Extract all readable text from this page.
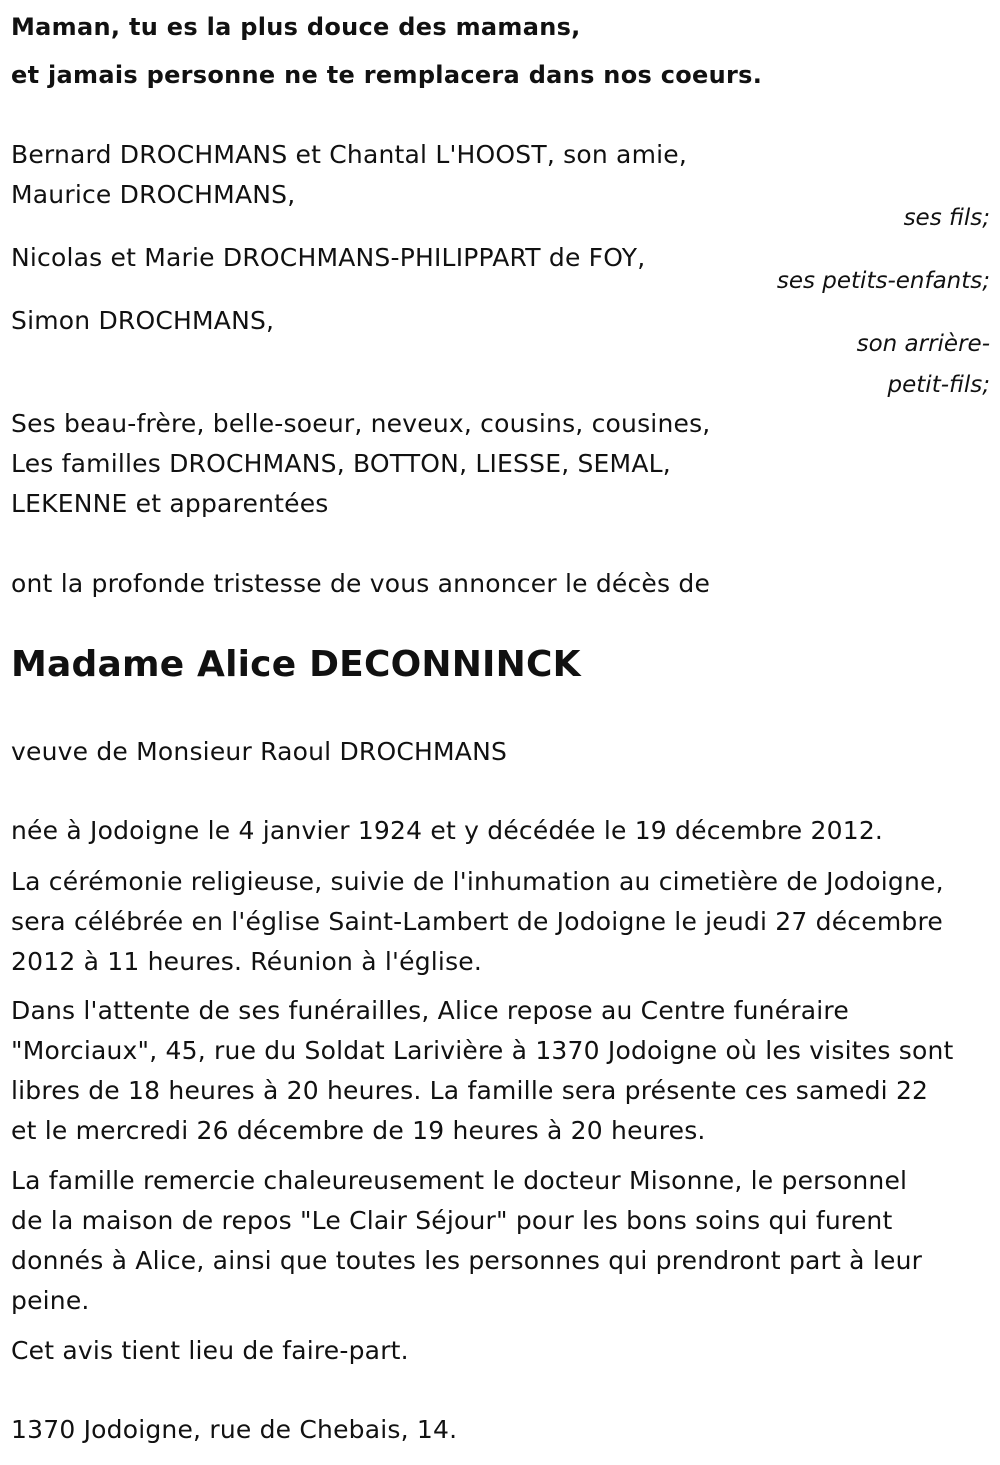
Maman, tu es la plus douce des mamans,
et jamais personne ne te remplacera dans nos coeurs.
Bernard DROCHMANS et Chantal L'HOOST, son amie,
Maurice DROCHMANS,
ses fils;
Nicolas et Marie DROCHMANS-PHILIPPART de FOY,
ses petits-enfants;
Simon DROCHMANS,
son arrière-
petit-fils;
Ses beau-frère, belle-soeur, neveux, cousins, cousines,
Les familles DROCHMANS, BOTTON, LIESSE, SEMAL,
LEKENNE et apparentées
ont la profonde tristesse de vous annoncer le décès de
Madame Alice DECONNINCK
veuve de Monsieur Raoul DROCHMANS
née à Jodoigne le 4 janvier 1924 et y décédée le 19 décembre 2012.
La cérémonie religieuse, suivie de l'inhumation au cimetière de Jodoigne,
sera célébrée en l'église Saint-Lambert de Jodoigne le jeudi 27 décembre
2012 à 11 heures. Réunion à l'église.
Dans l'attente de ses funérailles, Alice repose au Centre funéraire
"Morciaux", 45, rue du Soldat Larivière à 1370 Jodoigne où les visites sont
libres de 18 heures à 20 heures. La famille sera présente ces samedi 22
et le mercredi 26 décembre de 19 heures à 20 heures.
La famille remercie chaleureusement le docteur Misonne, le personnel
de la maison de repos "Le Clair Séjour" pour les bons soins qui furent
donnés à Alice, ainsi que toutes les personnes qui prendront part à leur
peine.
Cet avis tient lieu de faire-part.
1370 Jodoigne, rue de Chebais, 14.
